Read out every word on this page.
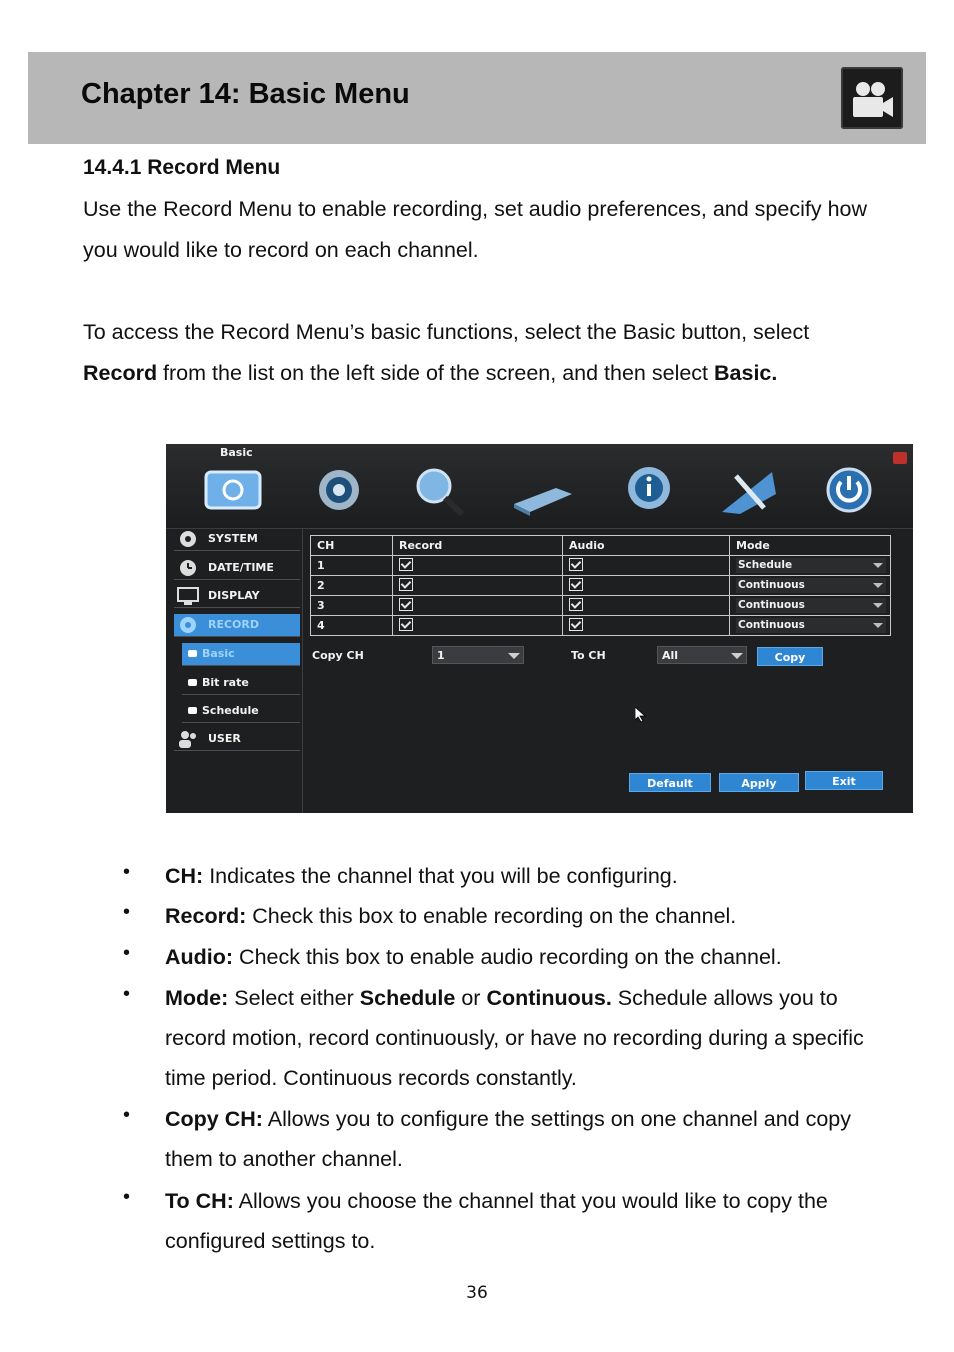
Chapter 14: Basic Menu
14.4.1 Record Menu

Use the Record Menu to enable recording, set audio preferences, and specify how you would like to record on each channel.

To access the Record Menu’s basic functions, select the Basic button, select Record from the list on the left side of the screen, and then select Basic.

Basic
SYSTEM
DATE/TIME
DISPLAY
RECORD
Basic
Bit rate
Schedule
USER
CH	Record	Audio	Mode
1			Schedule

2			Continuous

3			Continuous

4			Continuous
Copy CH	1	To CH	All	Copy
Default	Apply	Exit
• CH: Indicates the channel that you will be configuring.

• Record: Check this box to enable recording on the channel.

• Audio: Check this box to enable audio recording on the channel.

• Mode: Select either Schedule or Continuous. Schedule allows you to record motion, record continuously, or have no recording during a specific time period. Continuous records constantly.

• Copy CH: Allows you to configure the settings on one channel and copy them to another channel.

• To CH: Allows you choose the channel that you would like to copy the configured settings to.

36
